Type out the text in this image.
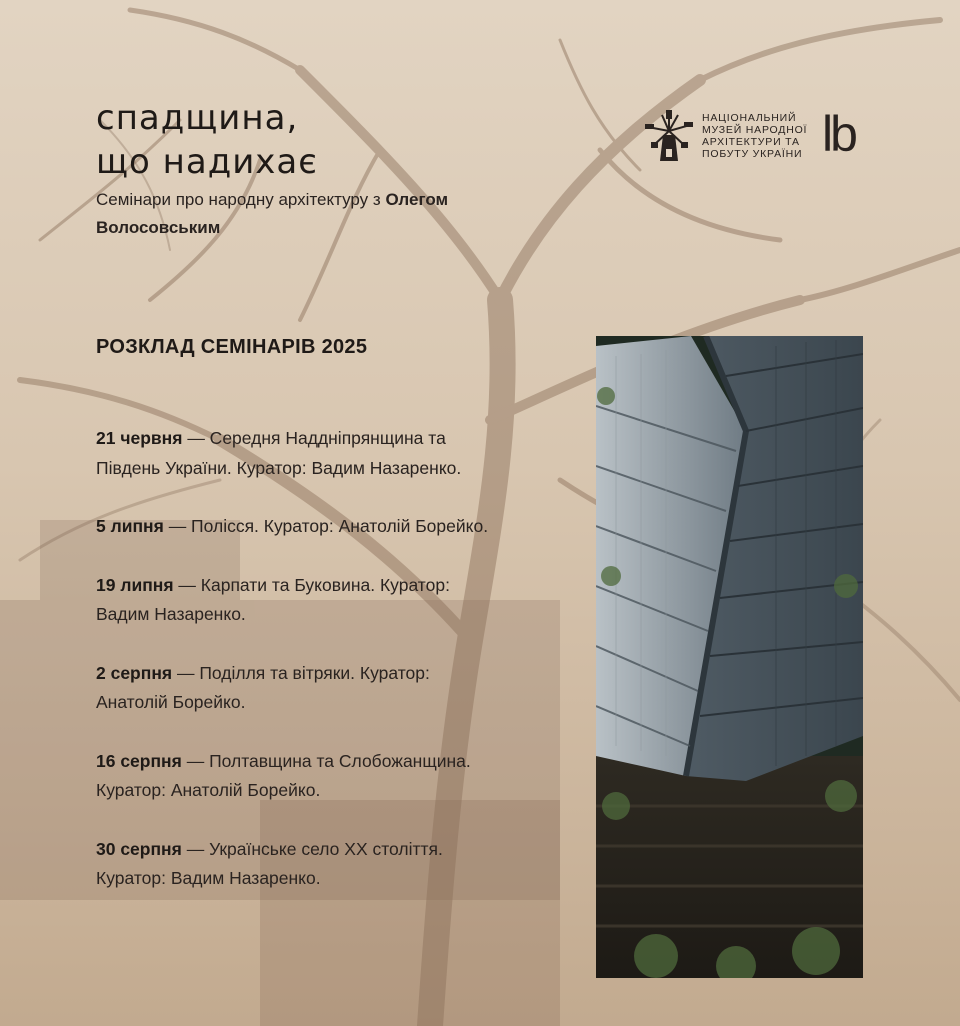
спадщина,
що надихає
Семінари про народну архітектуру з Олегом Волосовським
НАЦІОНАЛЬНИЙ
МУЗЕЙ НАРОДНОЇ
АРХІТЕКТУРИ ТА
ПОБУТУ УКРАЇНИ lb
РОЗКЛАД СЕМІНАРІВ 2025
21 червня — Середня Наддніпрянщина та Південь України. Куратор: Вадим Назаренко.
5 липня — Полісся. Куратор: Анатолій Борейко.
19 липня — Карпати та Буковина. Куратор: Вадим Назаренко.
2 серпня — Поділля та вітряки. Куратор: Анатолій Борейко.
16 серпня — Полтавщина та Слобожанщина. Куратор: Анатолій Борейко.
30 серпня — Українське село XX століття. Куратор: Вадим Назаренко.
